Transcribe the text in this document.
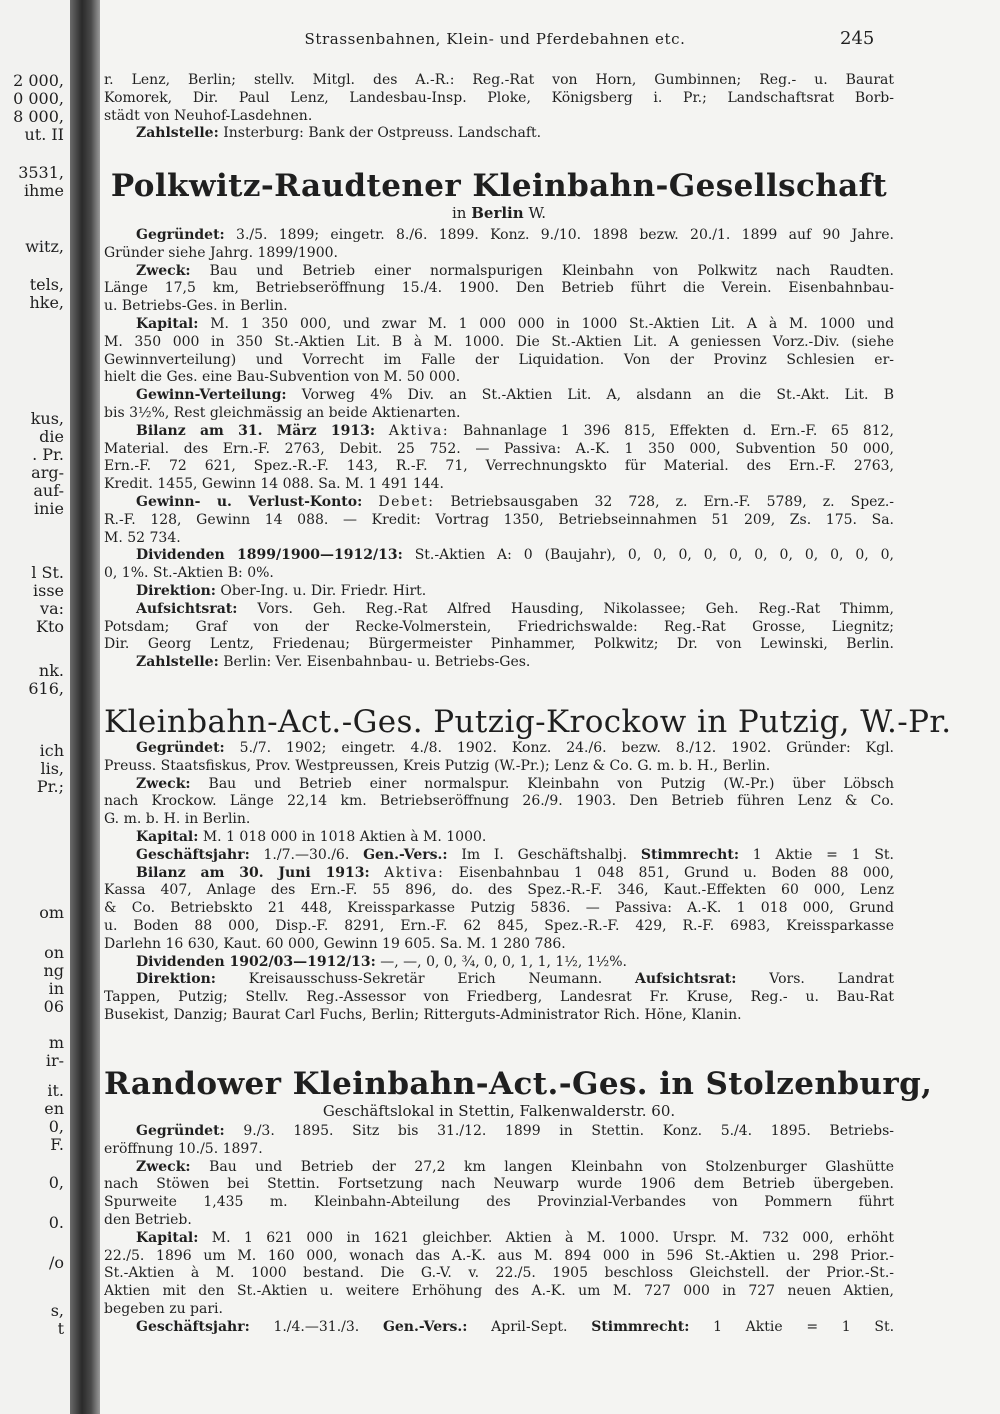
2 000,
0 000,
8 000,
ut. II
3531,
ihme
witz,
tels,
hke,
kus,
die
. Pr.
arg-
auf-
inie
l St.
isse
va:
Kto
nk.
616,
ich
lis,
Pr.;
om
on
ng
in
06
m
ir-
it.
en
0,
F.
0,
0.
/o
s,
t
Strassenbahnen, Klein- und Pferdebahnen etc.	245
r. Lenz, Berlin; stellv. Mitgl. des A.-R.: Reg.-Rat von Horn, Gumbinnen; Reg.- u. Baurat
Komorek, Dir. Paul Lenz, Landesbau-Insp. Ploke, Königsberg i. Pr.; Landschaftsrat Borb-
städt von Neuhof-Lasdehnen.
Zahlstelle: Insterburg: Bank der Ostpreuss. Landschaft.
Polkwitz-Raudtener Kleinbahn-Gesellschaft
in Berlin W.
Gegründet: 3./5. 1899; eingetr. 8./6. 1899. Konz. 9./10. 1898 bezw. 20./1. 1899 auf 90 Jahre.
Gründer siehe Jahrg. 1899/1900.
Zweck: Bau und Betrieb einer normalspurigen Kleinbahn von Polkwitz nach Raudten.
Länge 17,5 km, Betriebseröffnung 15./4. 1900. Den Betrieb führt die Verein. Eisenbahnbau-
u. Betriebs-Ges. in Berlin.
Kapital: M. 1 350 000, und zwar M. 1 000 000 in 1000 St.-Aktien Lit. A à M. 1000 und
M. 350 000 in 350 St.-Aktien Lit. B à M. 1000. Die St.-Aktien Lit. A geniessen Vorz.-Div. (siehe
Gewinnverteilung) und Vorrecht im Falle der Liquidation. Von der Provinz Schlesien er-
hielt die Ges. eine Bau-Subvention von M. 50 000.
Gewinn-Verteilung: Vorweg 4% Div. an St.-Aktien Lit. A, alsdann an die St.-Akt. Lit. B
bis 3½%, Rest gleichmässig an beide Aktienarten.
Bilanz am 31. März 1913: Aktiva: Bahnanlage 1 396 815, Effekten d. Ern.-F. 65 812,
Material. des Ern.-F. 2763, Debit. 25 752. — Passiva: A.-K. 1 350 000, Subvention 50 000,
Ern.-F. 72 621, Spez.-R.-F. 143, R.-F. 71, Verrechnungskto für Material. des Ern.-F. 2763,
Kredit. 1455, Gewinn 14 088. Sa. M. 1 491 144.
Gewinn- u. Verlust-Konto: Debet: Betriebsausgaben 32 728, z. Ern.-F. 5789, z. Spez.-
R.-F. 128, Gewinn 14 088. — Kredit: Vortrag 1350, Betriebseinnahmen 51 209, Zs. 175. Sa.
M. 52 734.
Dividenden 1899/1900—1912/13: St.-Aktien A: 0 (Baujahr), 0, 0, 0, 0, 0, 0, 0, 0, 0, 0, 0,
0, 1%. St.-Aktien B: 0%.
Direktion: Ober-Ing. u. Dir. Friedr. Hirt.
Aufsichtsrat: Vors. Geh. Reg.-Rat Alfred Hausding, Nikolassee; Geh. Reg.-Rat Thimm,
Potsdam; Graf von der Recke-Volmerstein, Friedrichswalde: Reg.-Rat Grosse, Liegnitz;
Dir. Georg Lentz, Friedenau; Bürgermeister Pinhammer, Polkwitz; Dr. von Lewinski, Berlin.
Zahlstelle: Berlin: Ver. Eisenbahnbau- u. Betriebs-Ges.
Kleinbahn-Act.-Ges. Putzig-Krockow in Putzig, W.-Pr.
Gegründet: 5./7. 1902; eingetr. 4./8. 1902. Konz. 24./6. bezw. 8./12. 1902. Gründer: Kgl.
Preuss. Staatsfiskus, Prov. Westpreussen, Kreis Putzig (W.-Pr.); Lenz & Co. G. m. b. H., Berlin.
Zweck: Bau und Betrieb einer normalspur. Kleinbahn von Putzig (W.-Pr.) über Löbsch
nach Krockow. Länge 22,14 km. Betriebseröffnung 26./9. 1903. Den Betrieb führen Lenz & Co.
G. m. b. H. in Berlin.
Kapital: M. 1 018 000 in 1018 Aktien à M. 1000.
Geschäftsjahr: 1./7.—30./6. Gen.-Vers.: Im I. Geschäftshalbj. Stimmrecht: 1 Aktie = 1 St.
Bilanz am 30. Juni 1913: Aktiva: Eisenbahnbau 1 048 851, Grund u. Boden 88 000,
Kassa 407, Anlage des Ern.-F. 55 896, do. des Spez.-R.-F. 346, Kaut.-Effekten 60 000, Lenz
& Co. Betriebskto 21 448, Kreissparkasse Putzig 5836. — Passiva: A.-K. 1 018 000, Grund
u. Boden 88 000, Disp.-F. 8291, Ern.-F. 62 845, Spez.-R.-F. 429, R.-F. 6983, Kreissparkasse
Darlehn 16 630, Kaut. 60 000, Gewinn 19 605. Sa. M. 1 280 786.
Dividenden 1902/03—1912/13: —, —, 0, 0, ¾, 0, 0, 1, 1, 1½, 1½%.
Direktion: Kreisausschuss-Sekretär Erich Neumann. Aufsichtsrat: Vors. Landrat
Tappen, Putzig; Stellv. Reg.-Assessor von Friedberg, Landesrat Fr. Kruse, Reg.- u. Bau-Rat
Busekist, Danzig; Baurat Carl Fuchs, Berlin; Ritterguts-Administrator Rich. Höne, Klanin.
Randower Kleinbahn-Act.-Ges. in Stolzenburg,
Geschäftslokal in Stettin, Falkenwalderstr. 60.
Gegründet: 9./3. 1895. Sitz bis 31./12. 1899 in Stettin. Konz. 5./4. 1895. Betriebs-
eröffnung 10./5. 1897.
Zweck: Bau und Betrieb der 27,2 km langen Kleinbahn von Stolzenburger Glashütte
nach Stöwen bei Stettin. Fortsetzung nach Neuwarp wurde 1906 dem Betrieb übergeben.
Spurweite 1,435 m. Kleinbahn-Abteilung des Provinzial-Verbandes von Pommern führt
den Betrieb.
Kapital: M. 1 621 000 in 1621 gleichber. Aktien à M. 1000. Urspr. M. 732 000, erhöht
22./5. 1896 um M. 160 000, wonach das A.-K. aus M. 894 000 in 596 St.-Aktien u. 298 Prior.-
St.-Aktien à M. 1000 bestand. Die G.-V. v. 22./5. 1905 beschloss Gleichstell. der Prior.-St.-
Aktien mit den St.-Aktien u. weitere Erhöhung des A.-K. um M. 727 000 in 727 neuen Aktien,
begeben zu pari.
Geschäftsjahr: 1./4.—31./3. Gen.-Vers.: April-Sept. Stimmrecht: 1 Aktie = 1 St.
